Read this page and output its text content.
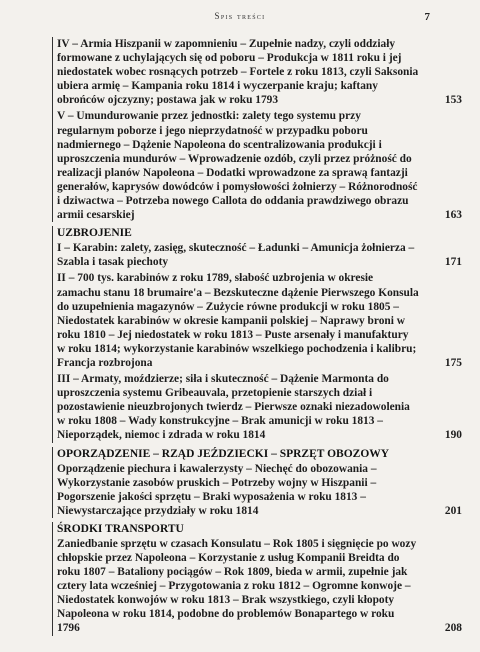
Spis treści	7
IV – Armia Hiszpanii w zapomnieniu – Zupełnie nadzy, czyli oddziały formowane z uchylających się od poboru – Produkcja w 1811 roku i jej niedostatek wobec rosnących potrzeb – Fortele z roku 1813, czyli Saksonia ubiera armię – Kampania roku 1814 i wyczerpanie kraju; kaftany obrońców ojczyzny; postawa jak w roku 1793	153
V – Umundurowanie przez jednostki: zalety tego systemu przy regularnym poborze i jego nieprzydatność w przypadku poboru nadmiernego – Dążenie Napoleona do scentralizowania produkcji i uproszczenia mundurów – Wprowadzenie ozdób, czyli przez próżność do realizacji planów Napoleona – Dodatki wprowadzone za sprawą fantazji generałów, kaprysów dowódców i pomysłowości żołnierzy – Różnorodność i dziwactwa – Potrzeba nowego Callota do oddania prawdziwego obrazu armii cesarskiej	163
UZBROJENIE
I – Karabin: zalety, zasięg, skuteczność – Ładunki – Amunicja żołnierza – Szabla i tasak piechoty	171
II – 700 tys. karabinów z roku 1789, słabość uzbrojenia w okresie zamachu stanu 18 brumaire'a – Bezskuteczne dążenie Pierwszego Konsula do uzupełnienia magazynów – Zużycie równe produkcji w roku 1805 – Niedostatek karabinów w okresie kampanii polskiej – Naprawy broni w roku 1810 – Jej niedostatek w roku 1813 – Puste arsenały i manufaktury w roku 1814; wykorzystanie karabinów wszelkiego pochodzenia i kalibru; Francja rozbrojona	175
III – Armaty, moździerze; siła i skuteczność – Dążenie Marmonta do uproszczenia systemu Gribeauvala, przetopienie starszych dział i pozostawienie nieuzbrojonych twierdz – Pierwsze oznaki niezadowolenia w roku 1808 – Wady konstrukcyjne – Brak amunicji w roku 1813 – Nieporządek, niemoc i zdrada w roku 1814	190
OPORZĄDZENIE – RZĄD JEŹDZIECKI – SPRZĘT OBOZOWY
Oporządzenie piechura i kawalerzysty – Niechęć do obozowania – Wykorzystanie zasobów pruskich – Potrzeby wojny w Hiszpanii – Pogorszenie jakości sprzętu – Braki wyposażenia w roku 1813 – Niewystarczające przydziały w roku 1814	201
ŚRODKI TRANSPORTU
Zaniedbanie sprzętu w czasach Konsulatu – Rok 1805 i sięgnięcie po wozy chłopskie przez Napoleona – Korzystanie z usług Kompanii Breidta do roku 1807 – Bataliony pociągów – Rok 1809, bieda w armii, zupełnie jak cztery lata wcześniej – Przygotowania z roku 1812 – Ogromne konwoje – Niedostatek konwojów w roku 1813 – Brak wszystkiego, czyli kłopoty Napoleona w roku 1814, podobne do problemów Bonapartego w roku 1796	208
